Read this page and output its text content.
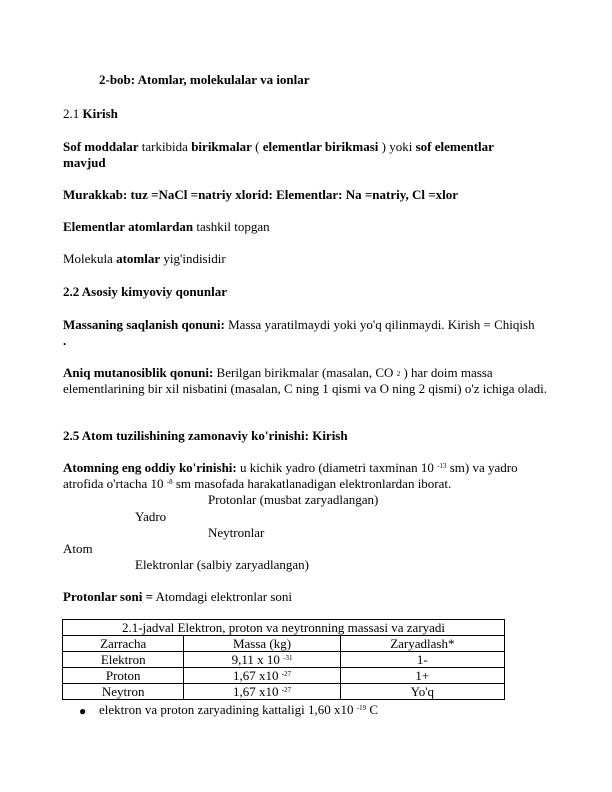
2-bob: Atomlar, molekulalar va ionlar
2.1 Kirish
Sof moddalar tarkibida birikmalar ( elementlar birikmasi ) yoki sof elementlar mavjud
Murakkab: tuz =NaCl =natriy xlorid: Elementlar: Na =natriy, Cl =xlor
Elementlar atomlardan tashkil topgan
Molekula atomlar yig'indisidir
2.2 Asosiy kimyoviy qonunlar
Massaning saqlanish qonuni: Massa yaratilmaydi yoki yo'q qilinmaydi. Kirish = Chiqish .
Aniq mutanosiblik qonuni: Berilgan birikmalar (masalan, CO $_2$ ) har doim massa elementlarining bir xil nisbatini (masalan, C ning 1 qismi va O ning 2 qismi) o'z ichiga oladi.
2.5 Atom tuzilishining zamonaviy ko'rinishi: Kirish
Atomning eng oddiy ko'rinishi: u kichik yadro (diametri taxminan 10 $^{-13}$ sm) va yadro atrofida o'rtacha 10 $^{-8}$ sm masofada harakatlanadigan elektronlardan iborat.
Protonlar (musbat zaryadlangan)
Yadro
Neytronlar
Atom
Elektronlar (salbiy zaryadlangan)
Protonlar soni = Atomdagi elektronlar soni
2.1-jadval Elektron, proton va neytronning massasi va zaryadi		
Zarracha	Massa (kg)	Zaryadlash*
Elektron	9,11 x 10 $^{-31}$	1-
Proton	1,67 x10 $^{-27}$	1+
Neytron	1,67 x10 $^{-27}$	Yo'q
● elektron va proton zaryadining kattaligi 1,60 x10 $^{-19}$ C
